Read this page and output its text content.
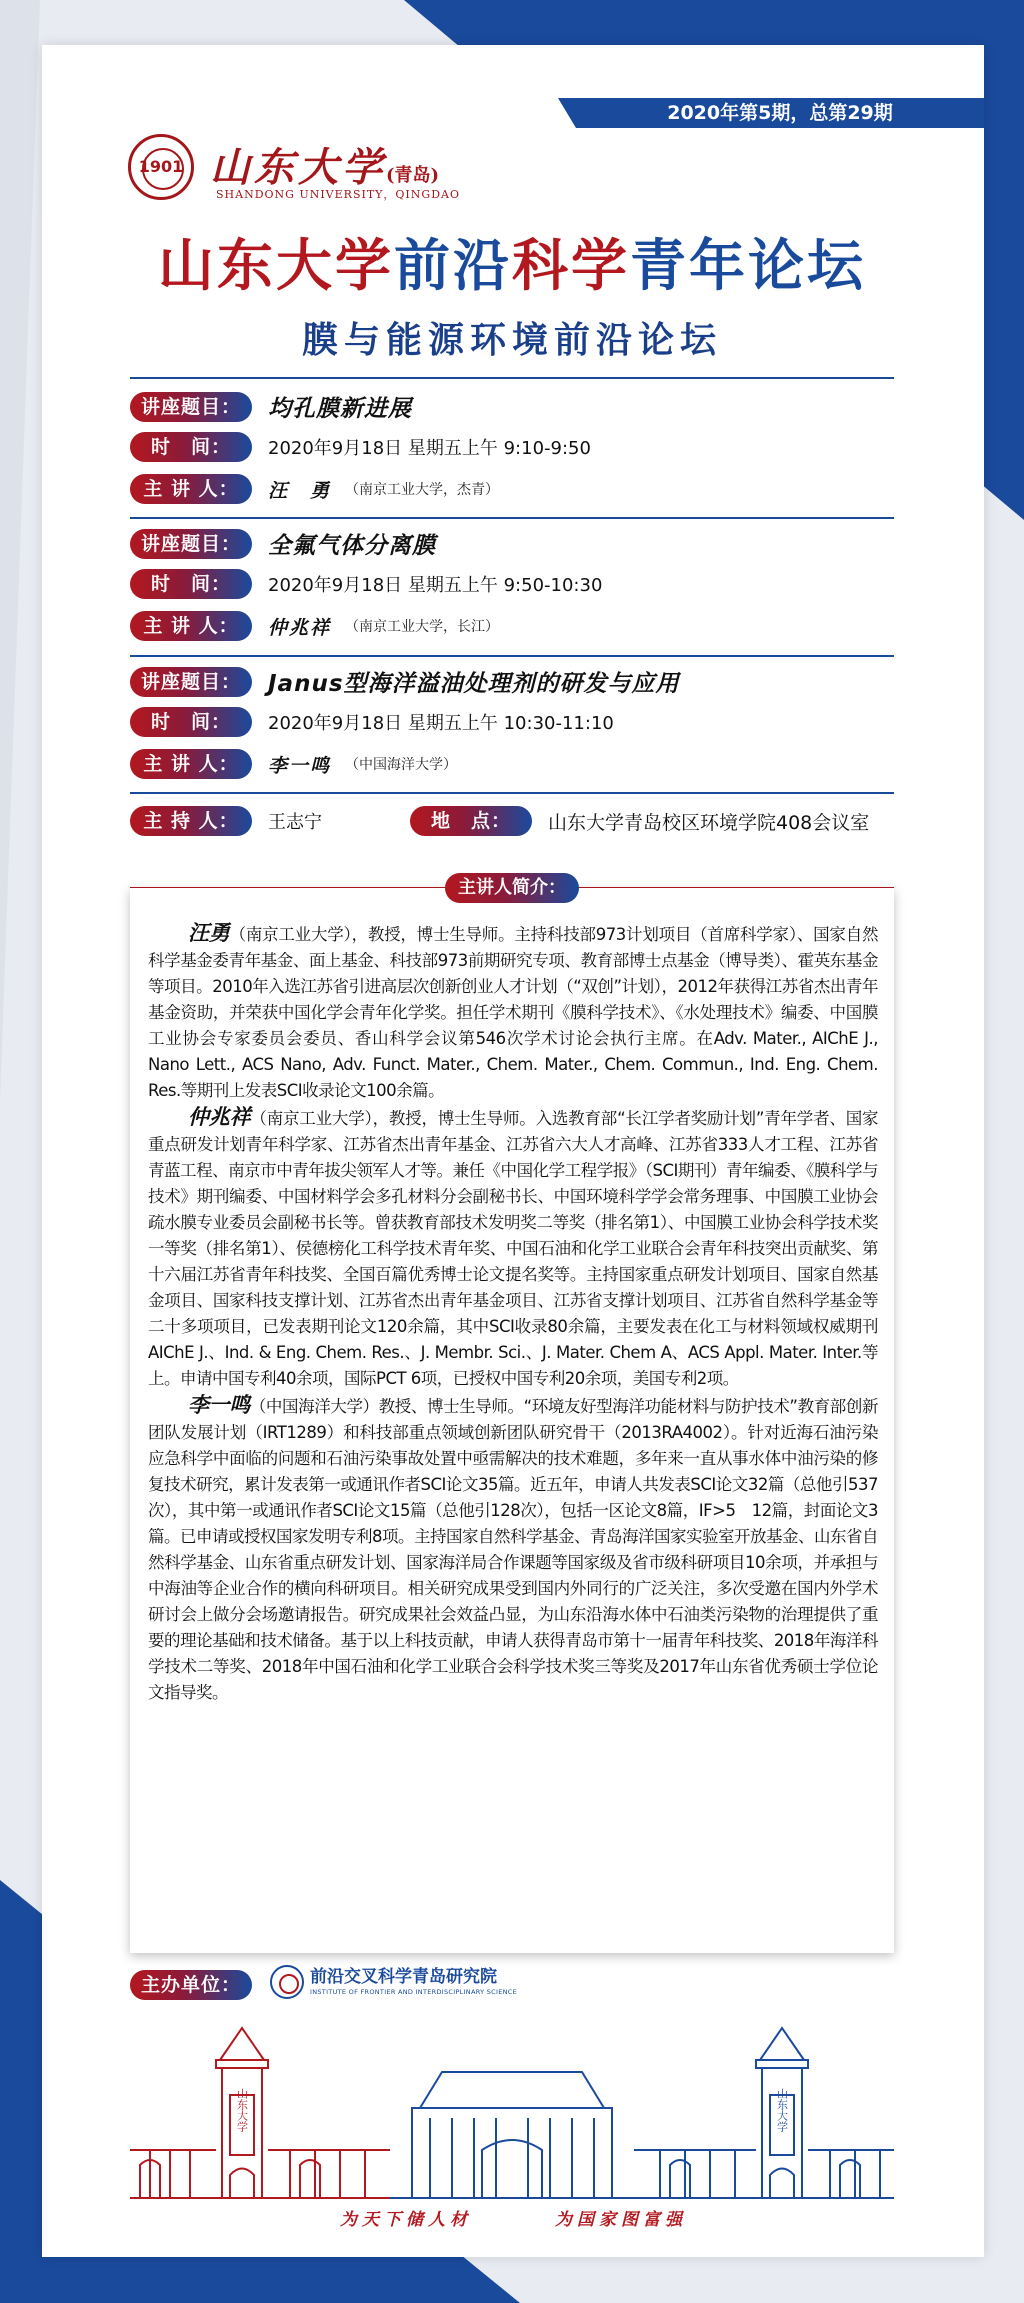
2020年第5期，总第29期
1901 山东大学(青岛)
SHANDONG UNIVERSITY，QINGDAO
山东大学前沿科学青年论坛
膜与能源环境前沿论坛
讲座题目： 均孔膜新进展
时　间： 2020年9月18日 星期五上午 9:10-9:50
主 讲 人： 汪　勇 （南京工业大学，杰青）
讲座题目： 全氟气体分离膜
时　间： 2020年9月18日 星期五上午 9:50-10:30
主 讲 人： 仲兆祥 （南京工业大学，长江）
讲座题目： Janus型海洋溢油处理剂的研发与应用
时　间： 2020年9月18日 星期五上午 10:30-11:10
主 讲 人： 李一鸣 （中国海洋大学）
主 持 人： 王志宁	地　点： 山东大学青岛校区环境学院408会议室
主讲人简介：

汪勇（南京工业大学），教授，博士生导师。主持科技部973计划项目（首席科学家）、国家自然科学基金委青年基金、面上基金、科技部973前期研究专项、教育部博士点基金（博导类）、霍英东基金等项目。2010年入选江苏省引进高层次创新创业人才计划（“双创”计划），2012年获得江苏省杰出青年基金资助，并荣获中国化学会青年化学奖。担任学术期刊《膜科学技术》、《水处理技术》编委、中国膜工业协会专家委员会委员、香山科学会议第546次学术讨论会执行主席。在Adv. Mater., AIChE J., Nano Lett., ACS Nano, Adv. Funct. Mater., Chem. Mater., Chem. Commun., Ind. Eng. Chem. Res.等期刊上发表SCI收录论文100余篇。

仲兆祥（南京工业大学），教授，博士生导师。入选教育部“长江学者奖励计划”青年学者、国家重点研发计划青年科学家、江苏省杰出青年基金、江苏省六大人才高峰、江苏省333人才工程、江苏省青蓝工程、南京市中青年拔尖领军人才等。兼任《中国化学工程学报》（SCI期刊）青年编委、《膜科学与技术》期刊编委、中国材料学会多孔材料分会副秘书长、中国环境科学学会常务理事、中国膜工业协会疏水膜专业委员会副秘书长等。曾获教育部技术发明奖二等奖（排名第1）、中国膜工业协会科学技术奖一等奖（排名第1）、侯德榜化工科学技术青年奖、中国石油和化学工业联合会青年科技突出贡献奖、第十六届江苏省青年科技奖、全国百篇优秀博士论文提名奖等。主持国家重点研发计划项目、国家自然基金项目、国家科技支撑计划、江苏省杰出青年基金项目、江苏省支撑计划项目、江苏省自然科学基金等二十多项项目，已发表期刊论文120余篇，其中SCI收录80余篇，主要发表在化工与材料领域权威期刊AIChE J.、Ind. & Eng. Chem. Res.、J. Membr. Sci.、J. Mater. Chem A、ACS Appl. Mater. Inter.等上。申请中国专利40余项，国际PCT 6项，已授权中国专利20余项，美国专利2项。

李一鸣（中国海洋大学）教授、博士生导师。“环境友好型海洋功能材料与防护技术”教育部创新团队发展计划（IRT1289）和科技部重点领域创新团队研究骨干（2013RA4002）。针对近海石油污染应急科学中面临的问题和石油污染事故处置中亟需解决的技术难题，多年来一直从事水体中油污染的修复技术研究，累计发表第一或通讯作者SCI论文35篇。近五年，申请人共发表SCI论文32篇（总他引537次），其中第一或通讯作者SCI论文15篇（总他引128次），包括一区论文8篇，IF>5　12篇，封面论文3篇。已申请或授权国家发明专利8项。主持国家自然科学基金、青岛海洋国家实验室开放基金、山东省自然科学基金、山东省重点研发计划、国家海洋局合作课题等国家级及省市级科研项目10余项，并承担与中海油等企业合作的横向科研项目。相关研究成果受到国内外同行的广泛关注，多次受邀在国内外学术研讨会上做分会场邀请报告。研究成果社会效益凸显，为山东沿海水体中石油类污染物的治理提供了重要的理论基础和技术储备。基于以上科技贡献，申请人获得青岛市第十一届青年科技奖、2018年海洋科学技术二等奖、2018年中国石油和化学工业联合会科学技术奖三等奖及2017年山东省优秀硕士学位论文指导奖。

主办单位：	前沿交叉科学青岛研究院
INSTITUTE OF FRONTIER AND INTERDISCIPLINARY SCIENCE
山东大学	山东大学
为天下储人材	为国家图富强
